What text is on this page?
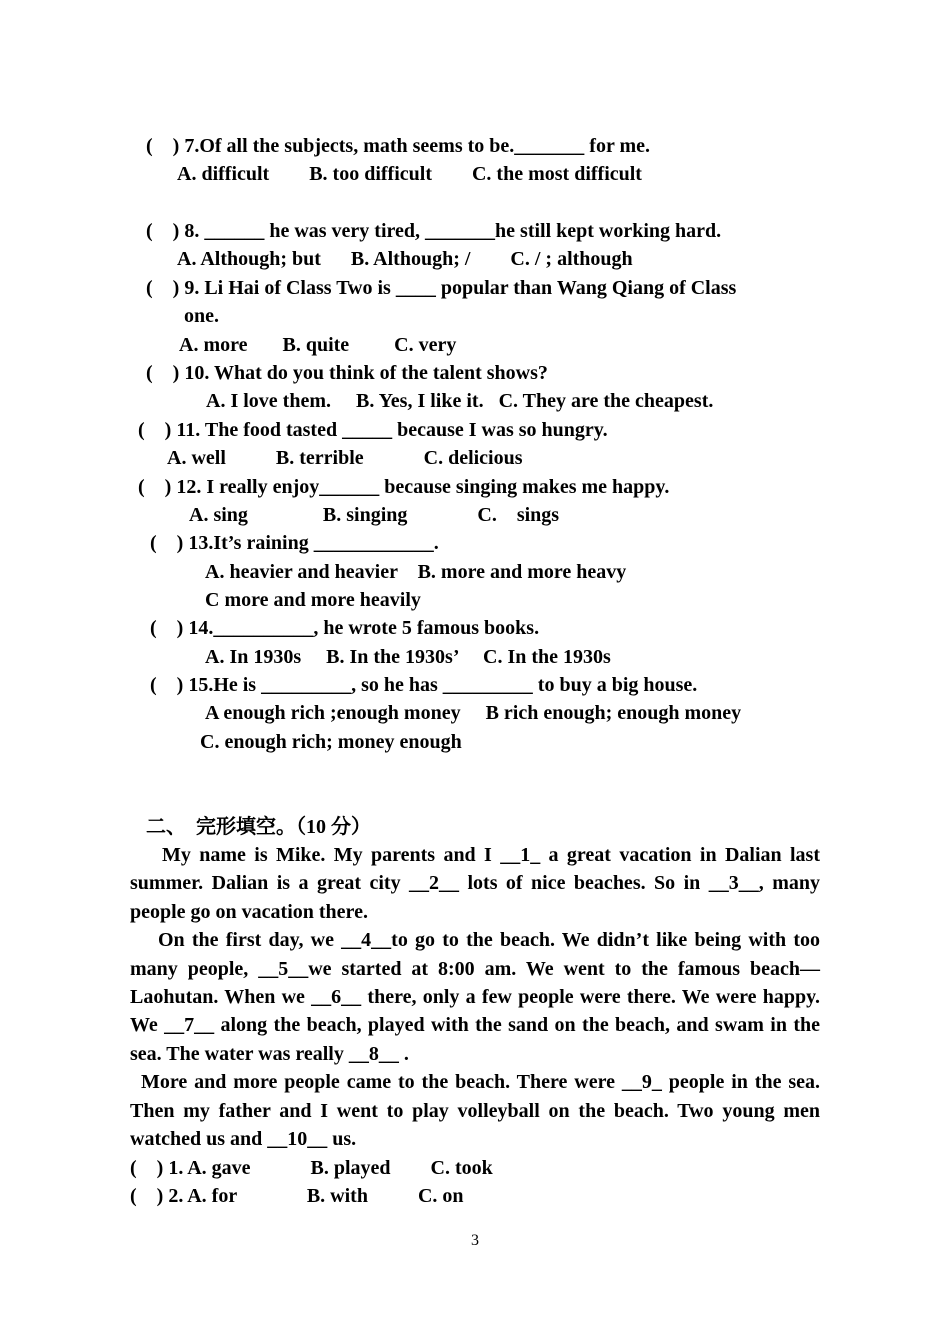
(    ) 7.Of all the subjects, math seems to be._______ for me.
A. difficult        B. too difficult        C. the most difficult
(    ) 8. ______ he was very tired, _______he still kept working hard.
A. Although; but      B. Although; /        C. / ; although
(    ) 9. Li Hai of Class Two is ____ popular than Wang Qiang of Class
one.
A. more       B. quite         C. very
(    ) 10. What do you think of the talent shows?
A. I love them.     B. Yes, I like it.   C. They are the cheapest.
(    ) 11. The food tasted _____ because I was so hungry.
A. well          B. terrible            C. delicious
(    ) 12. I really enjoy______ because singing makes me happy.
A. sing               B. singing              C.    sings
(    ) 13.It’s raining ____________.
A. heavier and heavier    B. more and more heavy
C more and more heavily
(    ) 14.__________, he wrote 5 famous books.
A. In 1930s     B. In the 1930s’     C. In the 1930s
(    ) 15.He is _________, so he has _________ to buy a big house.
A enough rich ;enough money     B rich enough; enough money
C. enough rich; money enough
二、  完形填空。（10 分）
My name is Mike. My parents and I __1_ a great vacation in Dalian last summer. Dalian is a great city __2__ lots of nice beaches. So in __3__, many people go on vacation there.
On the first day, we __4__to go to the beach. We didn’t like being with too many people, __5__we started at 8:00 am. We went to the famous beach—Laohutan. When we __6__ there, only a few people were there. We were happy. We __7__ along the beach, played with the sand on the beach, and swam in the sea. The water was really __8__ .
More and more people came to the beach. There were __9_ people in the sea. Then my father and I went to play volleyball on the beach. Two young men watched us and __10__ us.
(    ) 1. A. gave            B. played        C. took
(    ) 2. A. for              B. with          C. on
3
